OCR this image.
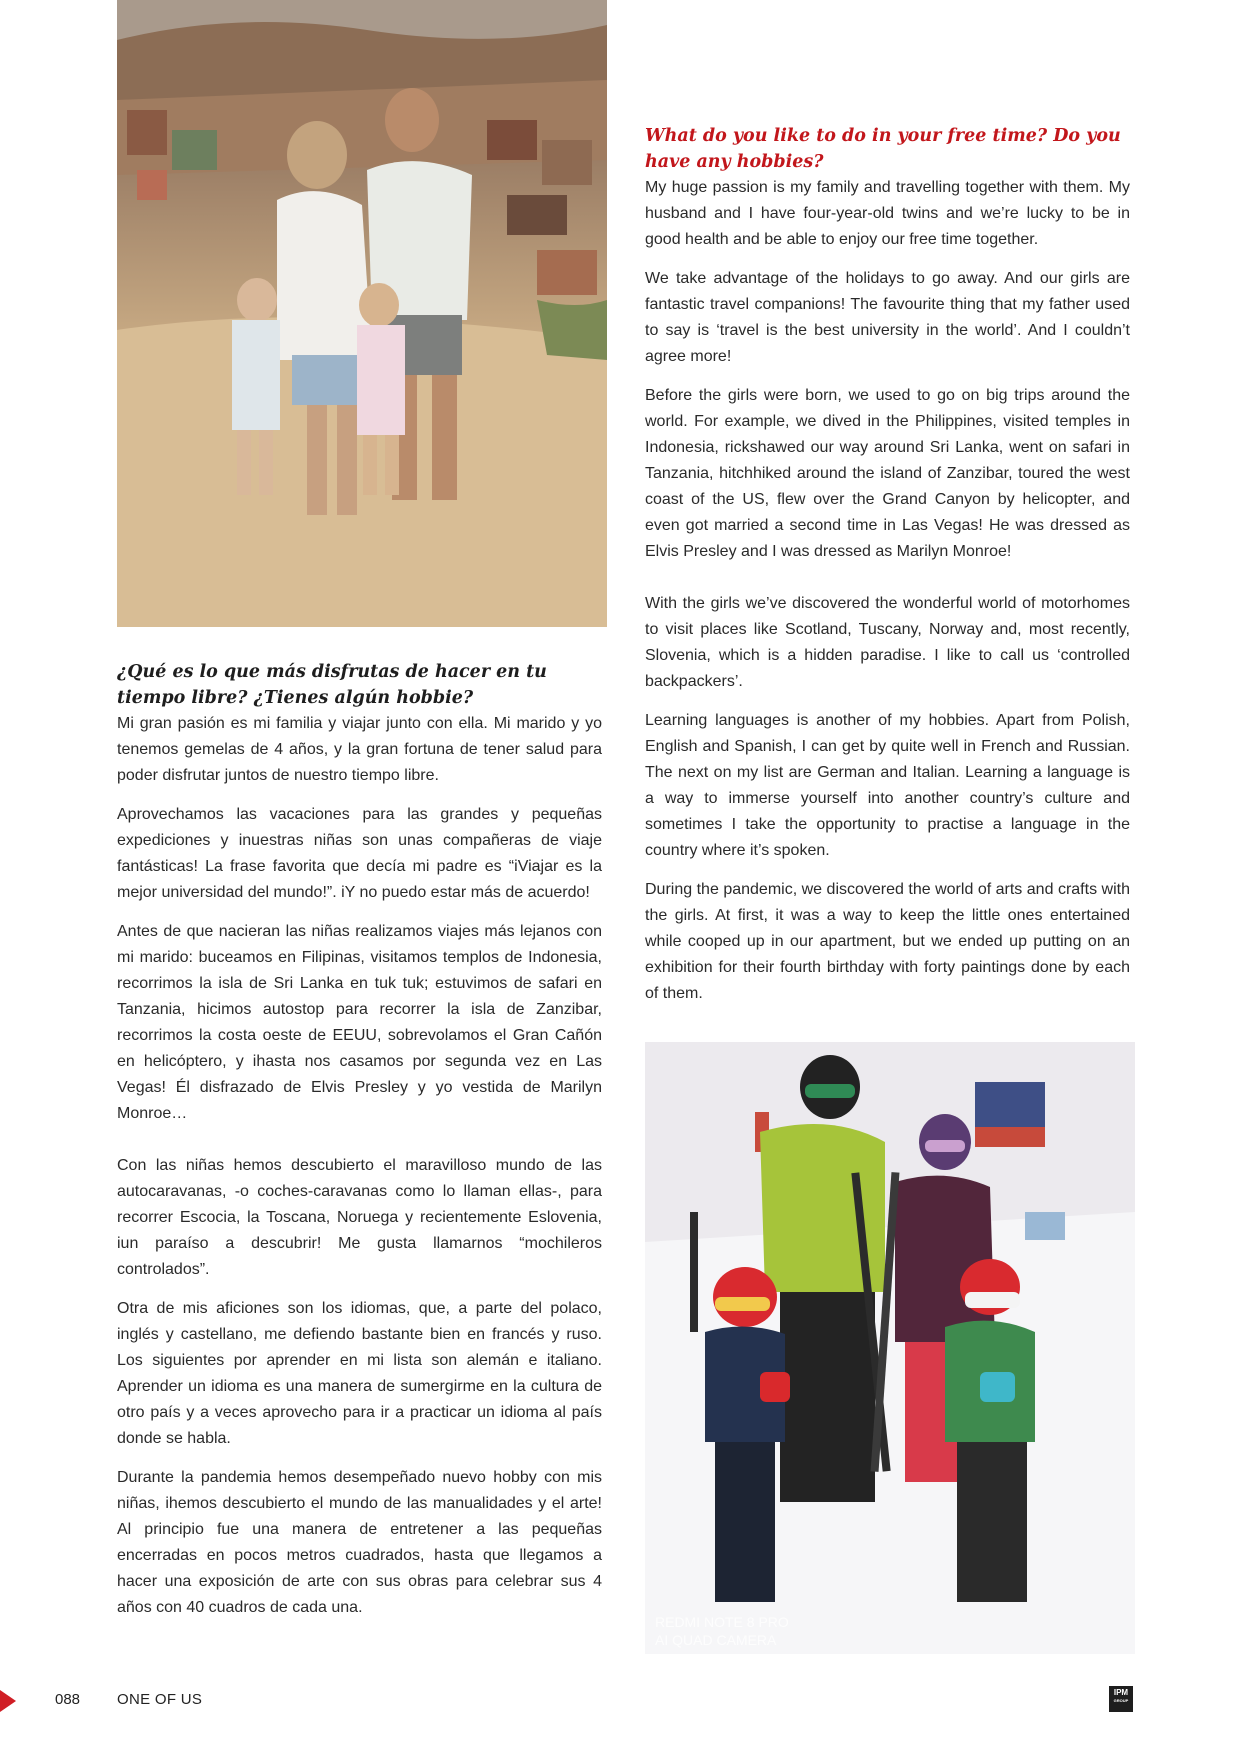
¿Qué es lo que más disfrutas de hacer en tu tiempo libre? ¿Tienes algún hobbie?

Mi gran pasión es mi familia y viajar junto con ella. Mi marido y yo tenemos gemelas de 4 años, y la gran fortuna de tener salud para poder disfrutar juntos de nuestro tiempo libre.

Aprovechamos las vacaciones para las grandes y pequeñas expediciones y inuestras niñas son unas compañeras de viaje fantásticas! La frase favorita que decía mi padre es “iViajar es la mejor universidad del mundo!”. iY no puedo estar más de acuerdo!

Antes de que nacieran las niñas realizamos viajes más lejanos con mi marido: buceamos en Filipinas, visitamos templos de Indonesia, recorrimos la isla de Sri Lanka en tuk tuk; estuvimos de safari en Tanzania, hicimos autostop para recorrer la isla de Zanzibar, recorrimos la costa oeste de EEUU, sobrevolamos el Gran Cañón en helicóptero, y ihasta nos casamos por segunda vez en Las Vegas! Él disfrazado de Elvis Presley y yo vestida de Marilyn Monroe…

Con las niñas hemos descubierto el maravilloso mundo de las autocaravanas, -o coches-caravanas como lo llaman ellas-, para recorrer Escocia, la Toscana, Noruega y recientemente Eslovenia, iun paraíso a descubrir! Me gusta llamarnos “mochileros controlados”.

Otra de mis aficiones son los idiomas, que, a parte del polaco, inglés y castellano, me defiendo bastante bien en francés y ruso. Los siguientes por aprender en mi lista son alemán e italiano. Aprender un idioma es una manera de sumergirme en la cultura de otro país y a veces aprovecho para ir a practicar un idioma al país donde se habla.

Durante la pandemia hemos desempeñado nuevo hobby con mis niñas, ihemos descubierto el mundo de las manualidades y el arte! Al principio fue una manera de entretener a las pequeñas encerradas en pocos metros cuadrados, hasta que llegamos a hacer una exposición de arte con sus obras para celebrar sus 4 años con 40 cuadros de cada una.

What do you like to do in your free time? Do you have any hobbies?

My huge passion is my family and travelling together with them. My husband and I have four-year-old twins and we’re lucky to be in good health and be able to enjoy our free time together.

We take advantage of the holidays to go away. And our girls are fantastic travel companions! The favourite thing that my father used to say is ‘travel is the best university in the world’. And I couldn’t agree more!

Before the girls were born, we used to go on big trips around the world. For example, we dived in the Philippines, visited temples in Indonesia, rickshawed our way around Sri Lanka, went on safari in Tanzania, hitchhiked around the island of Zanzibar, toured the west coast of the US, flew over the Grand Canyon by helicopter, and even got married a second time in Las Vegas! He was dressed as Elvis Presley and I was dressed as Marilyn Monroe!

With the girls we’ve discovered the wonderful world of motorhomes to visit places like Scotland, Tuscany, Norway and, most recently, Slovenia, which is a hidden paradise. I like to call us ‘controlled backpackers’.

Learning languages is another of my hobbies. Apart from Polish, English and Spanish, I can get by quite well in French and Russian. The next on my list are German and Italian. Learning a language is a way to immerse yourself into another country’s culture and sometimes I take the opportunity to practise a language in the country where it’s spoken.

During the pandemic, we discovered the world of arts and crafts with the girls. At first, it was a way to keep the little ones entertained while cooped up in our apartment, but we ended up putting on an exhibition for their fourth birthday with forty paintings done by each of them.

REDMI NOTE 8 PRO
AI QUAD CAMERA
088 ONE OF US	IPM
GROUP
